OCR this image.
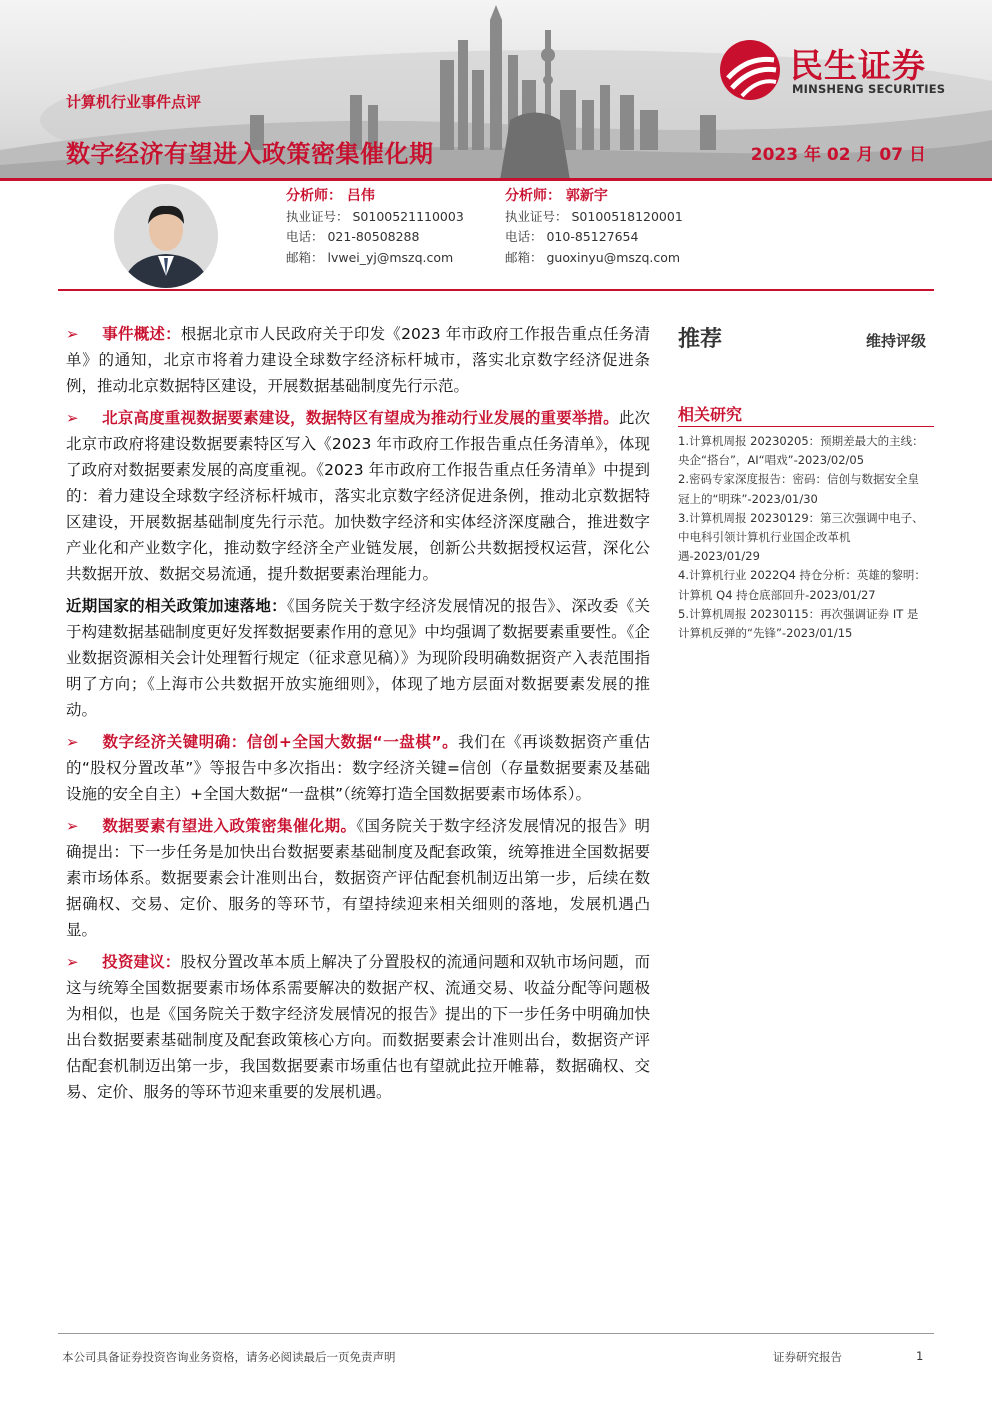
计算机行业事件点评
数字经济有望进入政策密集催化期	2023 年 02 月 07 日
民生证券
MINSHENG SECURITIES
分析师： 吕伟
执业证号： S0100521110003
电话： 021-80508288
邮箱： lvwei_yj@mszq.com
分析师： 郭新宇
执业证号： S0100518120001
电话： 010-85127654
邮箱： guoxinyu@mszq.com

➢ 事件概述：根据北京市人民政府关于印发《2023 年市政府工作报告重点任务清单》的通知，北京市将着力建设全球数字经济标杆城市，落实北京数字经济促进条例，推动北京数据特区建设，开展数据基础制度先行示范。

➢ 北京高度重视数据要素建设，数据特区有望成为推动行业发展的重要举措。此次北京市政府将建设数据要素特区写入《2023 年市政府工作报告重点任务清单》，体现了政府对数据要素发展的高度重视。《2023 年市政府工作报告重点任务清单》中提到的：着力建设全球数字经济标杆城市，落实北京数字经济促进条例，推动北京数据特区建设，开展数据基础制度先行示范。加快数字经济和实体经济深度融合，推进数字产业化和产业数字化，推动数字经济全产业链发展，创新公共数据授权运营，深化公共数据开放、数据交易流通，提升数据要素治理能力。

近期国家的相关政策加速落地：《国务院关于数字经济发展情况的报告》、深改委《关于构建数据基础制度更好发挥数据要素作用的意见》中均强调了数据要素重要性。《企业数据资源相关会计处理暂行规定（征求意见稿）》为现阶段明确数据资产入表范围指明了方向；《上海市公共数据开放实施细则》，体现了地方层面对数据要素发展的推动。

➢ 数字经济关键明确：信创+全国大数据“一盘棋”。我们在《再谈数据资产重估的“股权分置改革”》等报告中多次指出：数字经济关键=信创（存量数据要素及基础设施的安全自主）+全国大数据“一盘棋”（统筹打造全国数据要素市场体系）。

➢ 数据要素有望进入政策密集催化期。《国务院关于数字经济发展情况的报告》明确提出：下一步任务是加快出台数据要素基础制度及配套政策，统筹推进全国数据要素市场体系。数据要素会计准则出台，数据资产评估配套机制迈出第一步，后续在数据确权、交易、定价、服务的等环节，有望持续迎来相关细则的落地，发展机遇凸显。

➢ 投资建议：股权分置改革本质上解决了分置股权的流通问题和双轨市场问题，而这与统筹全国数据要素市场体系需要解决的数据产权、流通交易、收益分配等问题极为相似，也是《国务院关于数字经济发展情况的报告》提出的下一步任务中明确加快出台数据要素基础制度及配套政策核心方向。而数据要素会计准则出台，数据资产评估配套机制迈出第一步，我国数据要素市场重估也有望就此拉开帷幕，数据确权、交易、定价、服务的等环节迎来重要的发展机遇。

推荐	维持评级
相关研究

1.计算机周报 20230205：预期差最大的主线：央企“搭台”，AI“唱戏”-2023/02/05

2.密码专家深度报告：密码：信创与数据安全皇冠上的“明珠”-2023/01/30

3.计算机周报 20230129：第三次强调中电子、中电科引领计算机行业国企改革机遇-2023/01/29

4.计算机行业 2022Q4 持仓分析：英雄的黎明：计算机 Q4 持仓底部回升-2023/01/27

5.计算机周报 20230115：再次强调证券 IT 是计算机反弹的“先锋”-2023/01/15

本公司具备证券投资咨询业务资格，请务必阅读最后一页免责声明	证券研究报告	1
